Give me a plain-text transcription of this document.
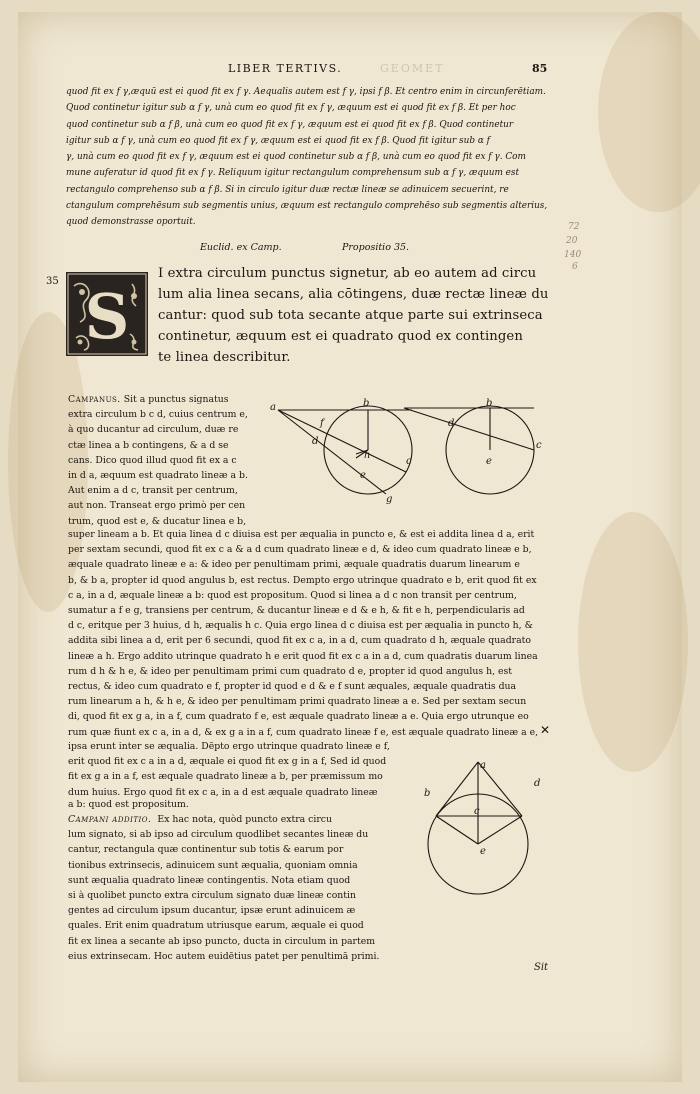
LIBER TERTIVS.	GEOMET	85
quod fit ex f γ,æquū est ei quod fit ex f γ. Aequalis autem est f γ, ipsi f β. Et centro enim in circunferētiam.
Quod continetur igitur sub α f γ, unà cum eo quod fit ex f γ, æquum est ei quod fit ex f β. Et per hoc
quod continetur sub α f β, unà cum eo quod fit ex f γ, æquum est ei quod fit ex f β. Quod continetur
igitur sub α f γ, unà cum eo quod fit ex f γ, æquum est ei quod fit ex f β. Quod fit igitur sub α f
γ, unà cum eo quod fit ex f γ, æquum est ei quod continetur sub α f β, unà cum eo quod fit ex f γ. Com
mune auferatur id quod fit ex f γ. Reliquum igitur rectangulum comprehensum sub α f γ, æquum est
rectangulo comprehenso sub α f β. Si in circulo igitur duæ rectæ lineæ se adinuicem secuerint, re
ctangulum comprehēsum sub segmentis unius, æquum est rectangulo comprehēso sub segmentis alterius,
quod demonstrasse oportuit.
Euclid. ex Camp.	Propositio 35.
35
72
20
140
6
S
I extra circulum punctus signetur, ab eo autem ad circu
lum alia linea secans, alia cōtingens, duæ rectæ lineæ du
cantur: quod sub tota secante atque parte sui extrinseca
continetur, æquum est ei quadrato quod ex contingen
te linea describitur.
Campanus. Sit a punctus signatus
extra circulum b c d, cuius centrum e,
à quo ducantur ad circulum, duæ re
ctæ linea a b contingens, & a d se
cans. Dico quod illud quod fit ex a c
in d a, æquum est quadrato lineæ a b.
Aut enim a d c, transit per centrum,
aut non. Transeat ergo primò per cen
trum, quod est e, & ducatur linea e b,
a
f
b
d
h
c
e
g
b
d
c
e
super lineam a b. Et quia linea d c diuisa est per æqualia in puncto e, & est ei addita linea d a, erit
per sextam secundi, quod fit ex c a & a d cum quadrato lineæ e d, & ideo cum quadrato lineæ e b,
æquale quadrato lineæ e a: & ideo per penultimam primi, æquale quadratis duarum linearum e
b, & b a, propter id quod angulus b, est rectus. Dempto ergo utrinque quadrato e b, erit quod fit ex
c a, in a d, æquale lineæ a b: quod est propositum. Quod si linea a d c non transit per centrum,
sumatur a f e g, transiens per centrum, & ducantur lineæ e d & e h, & fit e h, perpendicularis ad
d c, eritque per 3 huius, d h, æqualis h c. Quia ergo linea d c diuisa est per æqualia in puncto h, &
addita sibi linea a d, erit per 6 secundi, quod fit ex c a, in a d, cum quadrato d h, æquale quadrato
lineæ a h. Ergo addito utrinque quadrato h e erit quod fit ex c a in a d, cum quadratis duarum linea
rum d h & h e, & ideo per penultimam primi cum quadrato d e, propter id quod angulus h, est
rectus, & ideo cum quadrato e f, propter id quod e d & e f sunt æquales, æquale quadratis dua
rum linearum a h, & h e, & ideo per penultimam primi quadrato lineæ a e. Sed per sextam secun
di, quod fit ex g a, in a f, cum quadrato f e, est æquale quadrato lineæ a e. Quia ergo utrunque eo
rum quæ fiunt ex c a, in a d, & ex g a in a f, cum quadrato lineæ f e, est æquale quadrato lineæ a e, ✕
ipsa erunt inter se æqualia. Dēpto ergo utrinque quadrato lineæ e f,
erit quod fit ex c a in a d, æquale ei quod fit ex g in a f, Sed id quod
fit ex g a in a f, est æquale quadrato lineæ a b, per præmissum mo
dum huius. Ergo quod fit ex c a, in a d est æquale quadrato lineæ
a b: quod est propositum.
Campani additio. Ex hac nota, quòd puncto extra circu
lum signato, si ab ipso ad circulum quodlibet secantes lineæ du
cantur, rectangula quæ continentur sub totis & earum por
tionibus extrinsecis, adinuicem sunt æqualia, quoniam omnia
sunt æqualia quadrato lineæ contingentis. Nota etiam quod
si à quolibet puncto extra circulum signato duæ lineæ contin
gentes ad circulum ipsum ducantur, ipsæ erunt adinuicem æ
quales. Erit enim quadratum utriusque earum, æquale ei quod
fit ex linea a secante ab ipso puncto, ducta in circulum in partem
eius extrinsecam. Hoc autem euidētius patet per penultimā primi.
a
b
d
c
e
Sit
